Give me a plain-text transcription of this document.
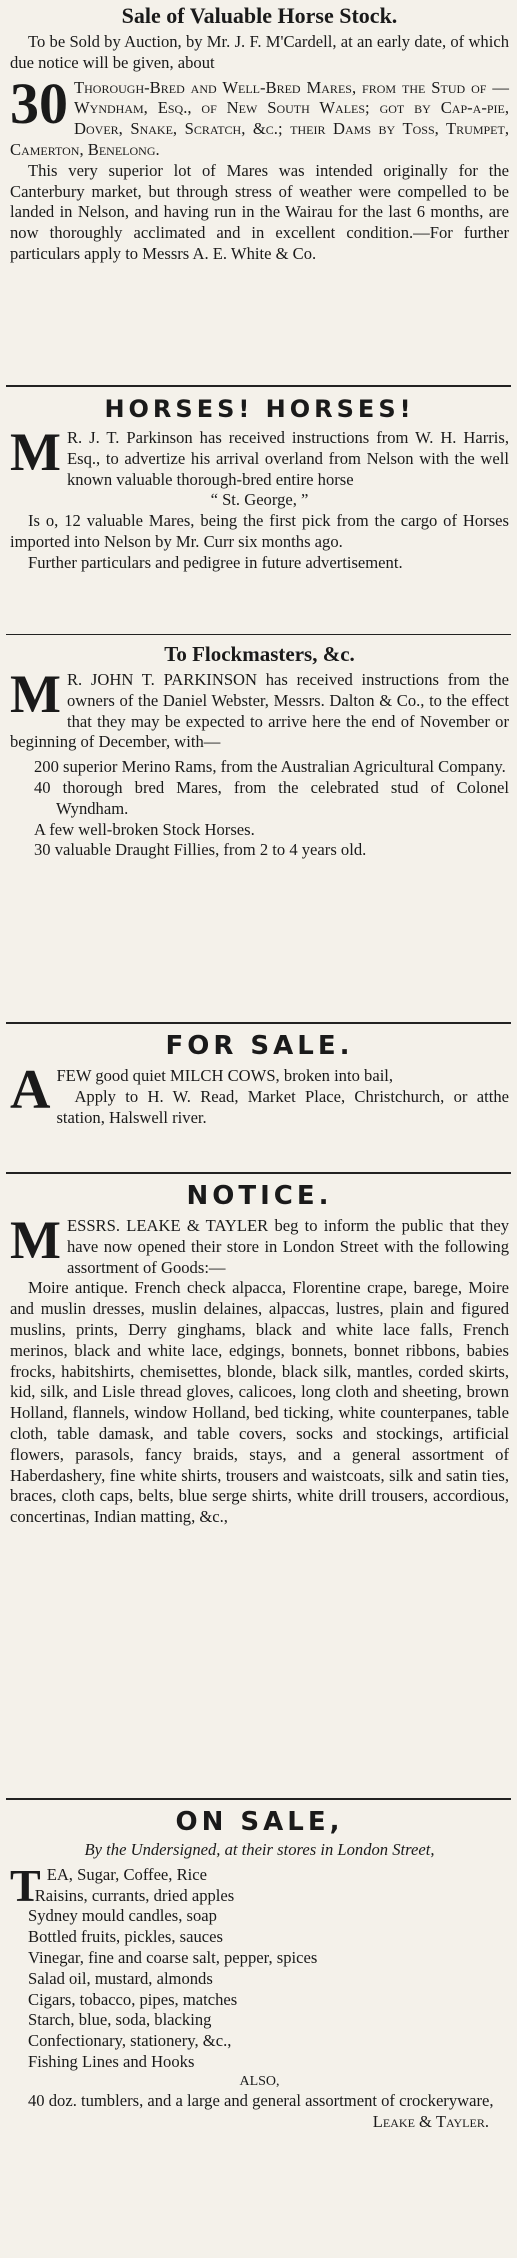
Sale of Valuable Horse Stock.

To be Sold by Auction, by Mr. J. F. M'Cardell, at an early date, of which due notice will be given, about

30 Thorough-Bred and Well-Bred Mares, from the Stud of — Wyndham, Esq., of New South Wales; got by Cap-a-pie, Dover, Snake, Scratch, &c.; their Dams by Toss, Trumpet, Camerton, Benelong.

This very superior lot of Mares was intended originally for the Canterbury market, but through stress of weather were compelled to be landed in Nelson, and having run in the Wairau for the last 6 months, are now thoroughly acclimated and in excellent condition.—For further particulars apply to Messrs A. E. White & Co.

HORSES! HORSES!

M R. J. T. Parkinson has received instructions from W. H. Harris, Esq., to advertize his arrival overland from Nelson with the well known valuable thorough-bred entire horse

“ St. George, ”

Is o, 12 valuable Mares, being the first pick from the cargo of Horses imported into Nelson by Mr. Curr six months ago.

Further particulars and pedigree in future advertisement.

To Flockmasters, &c.

M R. JOHN T. PARKINSON has received instructions from the owners of the Daniel Webster, Messrs. Dalton & Co., to the effect that they may be expected to arrive here the end of November or beginning of December, with—

200 superior Merino Rams, from the Australian Agricultural Company.

40 thorough bred Mares, from the celebrated stud of Colonel Wyndham.

A few well-broken Stock Horses.

30 valuable Draught Fillies, from 2 to 4 years old.

FOR SALE.

A FEW good quiet MILCH COWS, broken into bail,

Apply to H. W. Read, Market Place, Christchurch, or atthe station, Halswell river.

NOTICE.

M ESSRS. LEAKE & TAYLER beg to inform the public that they have now opened their store in London Street with the following assortment of Goods:—

Moire antique. French check alpacca, Florentine crape, barege, Moire and muslin dresses, muslin delaines, alpaccas, lustres, plain and figured muslins, prints, Derry ginghams, black and white lace falls, French merinos, black and white lace, edgings, bonnets, bonnet ribbons, babies frocks, habitshirts, chemisettes, blonde, black silk, mantles, corded skirts, kid, silk, and Lisle thread gloves, calicoes, long cloth and sheeting, brown Holland, flannels, window Holland, bed ticking, white counterpanes, table cloth, table damask, and table covers, socks and stockings, artificial flowers, parasols, fancy braids, stays, and a general assortment of Haberdashery, fine white shirts, trousers and waistcoats, silk and satin ties, braces, cloth caps, belts, blue serge shirts, white drill trousers, accordious, concertinas, Indian matting, &c.,

ON SALE,

By the Undersigned, at their stores in London Street,

T EA, Sugar, Coffee, Rice

Raisins, currants, dried apples

Sydney mould candles, soap

Bottled fruits, pickles, sauces

Vinegar, fine and coarse salt, pepper, spices

Salad oil, mustard, almonds

Cigars, tobacco, pipes, matches

Starch, blue, soda, blacking

Confectionary, stationery, &c.,

Fishing Lines and Hooks

ALSO,

40 doz. tumblers, and a large and general assortment of crockeryware,

Leake & Tayler.
